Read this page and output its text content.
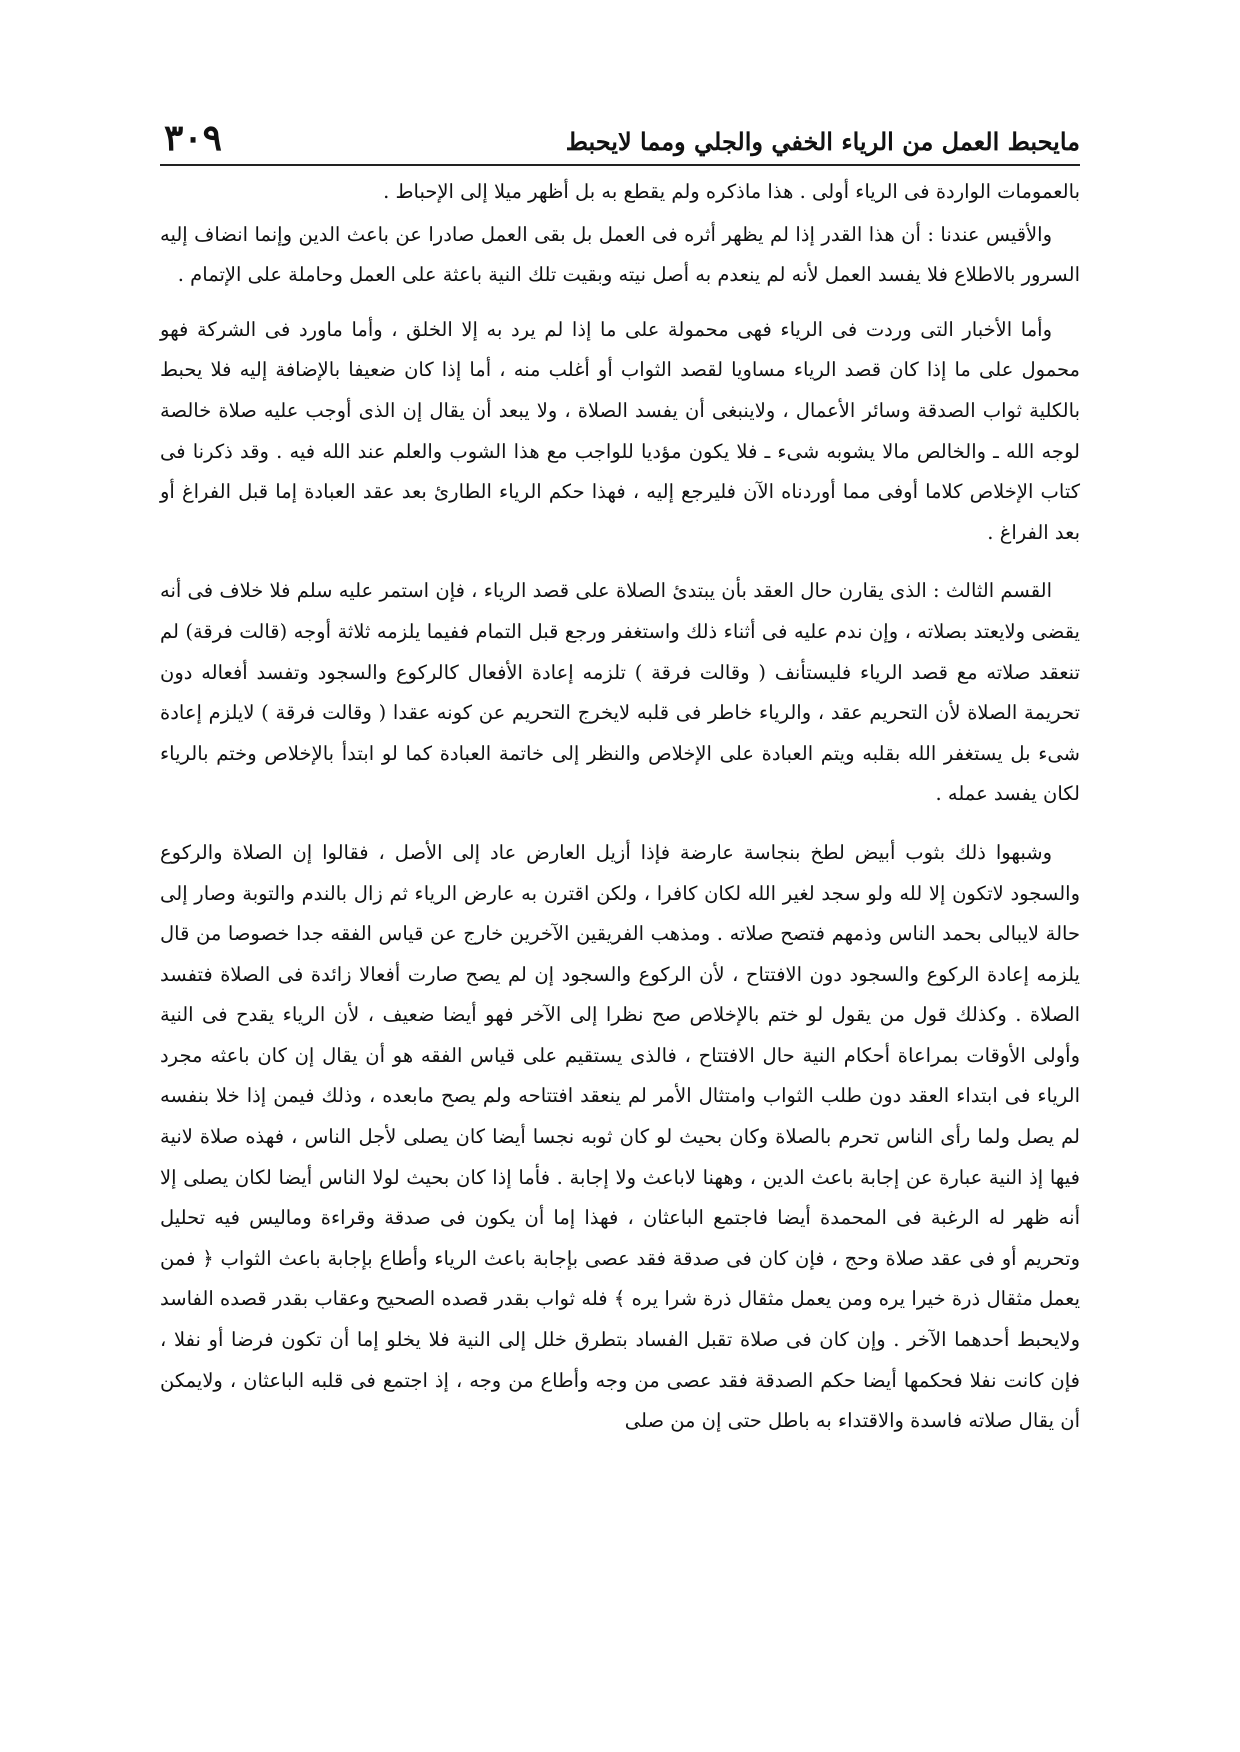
مايحبط العمل من الرياء الخفي والجلي ومما لايحبط
٣٠٩

بالعمومات الواردة فى الرياء أولى . هذا ماذكره ولم يقطع به بل أظهر ميلا إلى الإحباط .

والأقيس عندنا : أن هذا القدر إذا لم يظهر أثره فى العمل بل بقى العمل صادرا عن باعث الدين وإنما انضاف إليه السرور بالاطلاع فلا يفسد العمل لأنه لم ينعدم به أصل نيته وبقيت تلك النية باعثة على العمل وحاملة على الإتمام .

وأما الأخبار التى وردت فى الرياء فهى محمولة على ما إذا لم يرد به إلا الخلق ، وأما ماورد فى الشركة فهو محمول على ما إذا كان قصد الرياء مساويا لقصد الثواب أو أغلب منه ، أما إذا كان ضعيفا بالإضافة إليه فلا يحبط بالكلية ثواب الصدقة وسائر الأعمال ، ولاينبغى أن يفسد الصلاة ، ولا يبعد أن يقال إن الذى أوجب عليه صلاة خالصة لوجه الله ـ والخالص مالا يشوبه شىء ـ فلا يكون مؤديا للواجب مع هذا الشوب والعلم عند الله فيه . وقد ذكرنا فى كتاب الإخلاص كلاما أوفى مما أوردناه الآن فليرجع إليه ، فهذا حكم الرياء الطارئ بعد عقد العبادة إما قبل الفراغ أو بعد الفراغ .

القسم الثالث : الذى يقارن حال العقد بأن يبتدئ الصلاة على قصد الرياء ، فإن استمر عليه سلم فلا خلاف فى أنه يقضى ولايعتد بصلاته ، وإن ندم عليه فى أثناء ذلك واستغفر ورجع قبل التمام ففيما يلزمه ثلاثة أوجه (قالت فرقة) لم تنعقد صلاته مع قصد الرياء فليستأنف ( وقالت فرقة ) تلزمه إعادة الأفعال كالركوع والسجود وتفسد أفعاله دون تحريمة الصلاة لأن التحريم عقد ، والرياء خاطر فى قلبه لايخرج التحريم عن كونه عقدا ( وقالت فرقة ) لايلزم إعادة شىء بل يستغفر الله بقلبه ويتم العبادة على الإخلاص والنظر إلى خاتمة العبادة كما لو ابتدأ بالإخلاص وختم بالرياء لكان يفسد عمله .

وشبهوا ذلك بثوب أبيض لطخ بنجاسة عارضة فإذا أزيل العارض عاد إلى الأصل ، فقالوا إن الصلاة والركوع والسجود لاتكون إلا لله ولو سجد لغير الله لكان كافرا ، ولكن اقترن به عارض الرياء ثم زال بالندم والتوبة وصار إلى حالة لايبالى بحمد الناس وذمهم فتصح صلاته . ومذهب الفريقين الآخرين خارج عن قياس الفقه جدا خصوصا من قال يلزمه إعادة الركوع والسجود دون الافتتاح ، لأن الركوع والسجود إن لم يصح صارت أفعالا زائدة فى الصلاة فتفسد الصلاة . وكذلك قول من يقول لو ختم بالإخلاص صح نظرا إلى الآخر فهو أيضا ضعيف ، لأن الرياء يقدح فى النية وأولى الأوقات بمراعاة أحكام النية حال الافتتاح ، فالذى يستقيم على قياس الفقه هو أن يقال إن كان باعثه مجرد الرياء فى ابتداء العقد دون طلب الثواب وامتثال الأمر لم ينعقد افتتاحه ولم يصح مابعده ، وذلك فيمن إذا خلا بنفسه لم يصل ولما رأى الناس تحرم بالصلاة وكان بحيث لو كان ثوبه نجسا أيضا كان يصلى لأجل الناس ، فهذه صلاة لانية فيها إذ النية عبارة عن إجابة باعث الدين ، وههنا لاباعث ولا إجابة . فأما إذا كان بحيث لولا الناس أيضا لكان يصلى إلا أنه ظهر له الرغبة فى المحمدة أيضا فاجتمع الباعثان ، فهذا إما أن يكون فى صدقة وقراءة وماليس فيه تحليل وتحريم أو فى عقد صلاة وحج ، فإن كان فى صدقة فقد عصى بإجابة باعث الرياء وأطاع بإجابة باعث الثواب ﴿ فمن يعمل مثقال ذرة خيرا يره ومن يعمل مثقال ذرة شرا يره ﴾ فله ثواب بقدر قصده الصحيح وعقاب بقدر قصده الفاسد ولايحبط أحدهما الآخر . وإن كان فى صلاة تقبل الفساد بتطرق خلل إلى النية فلا يخلو إما أن تكون فرضا أو نفلا ، فإن كانت نفلا فحكمها أيضا حكم الصدقة فقد عصى من وجه وأطاع من وجه ، إذ اجتمع فى قلبه الباعثان ، ولايمكن أن يقال صلاته فاسدة والاقتداء به باطل حتى إن من صلى
